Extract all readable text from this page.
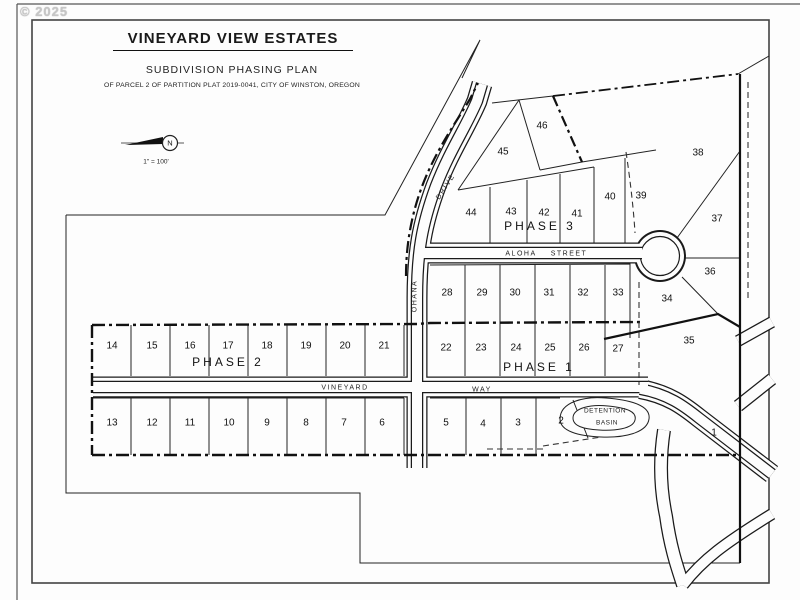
© 2025
VINEYARD VIEW ESTATES
SUBDIVISION PHASING PLAN
OF PARCEL 2 OF PARTITION PLAT 2019-0041, CITY OF WINSTON, OREGON
N
1" = 100'
1
2
3
4
5
6
7
8
9
10
11
12
13
14	15	16	17	18	19	20	21	22 23 24 25 26 27
28 29 30 31 32 33
34
35
36
37
38
39
40
41
42
43
44
45
46
OHANA
DRIVE
ALOHA STREET
VINEYARD	WAY
PHASE 3
PHASE 2	PHASE 1
DETENTION
BASIN
